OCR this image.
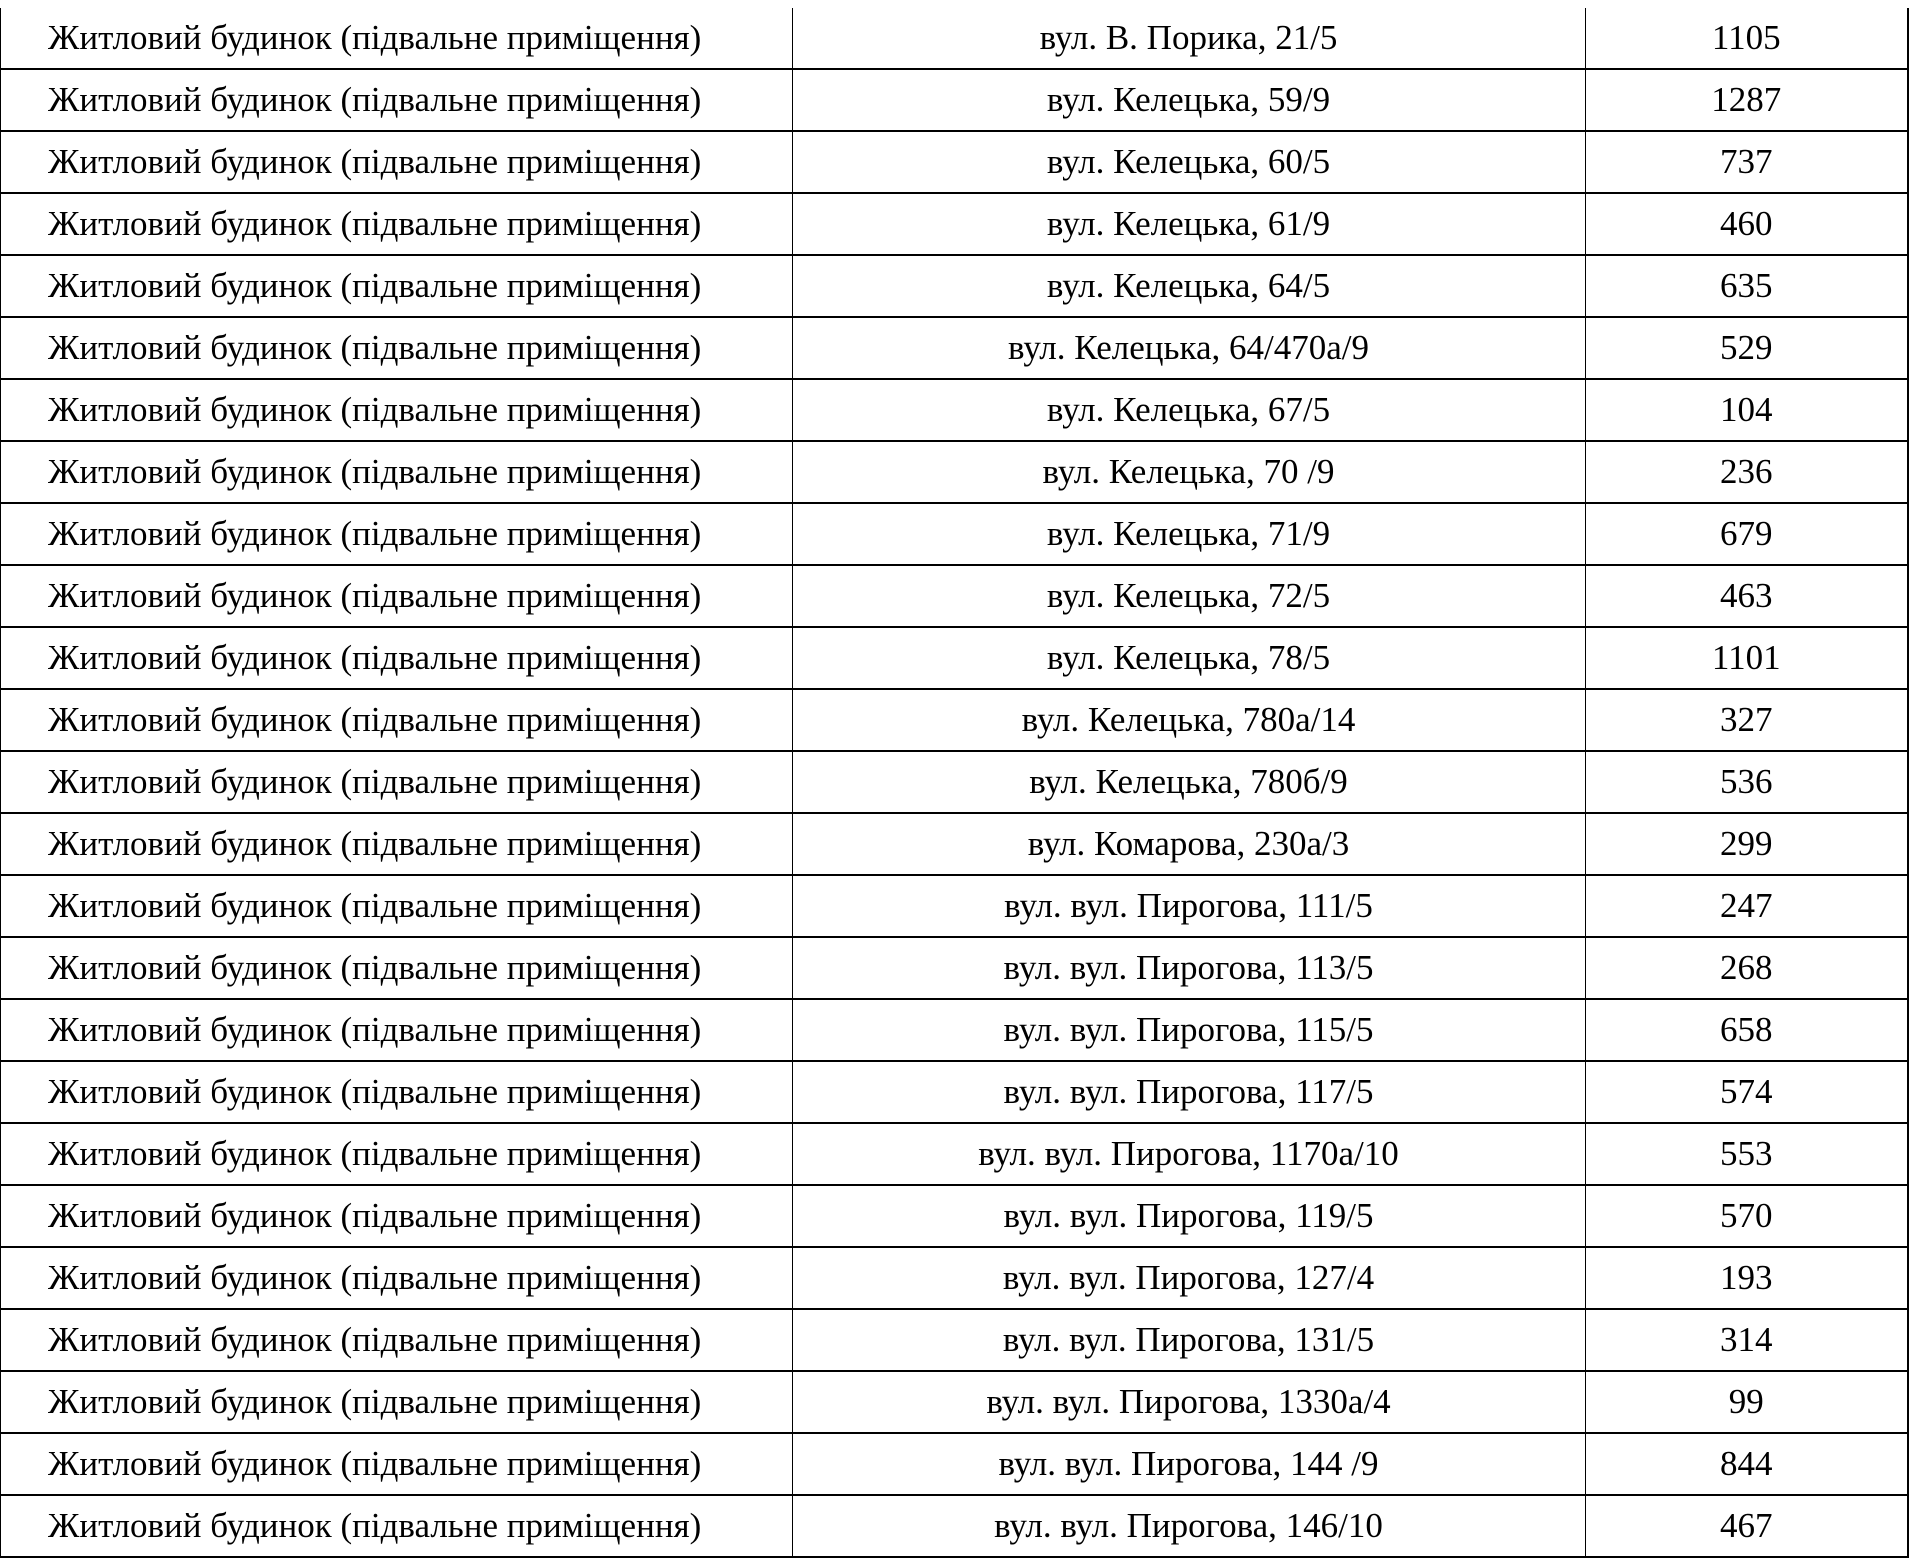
Житловий будинок (підвальне приміщення)	вул. В. Порика, 21/5	1105
Житловий будинок (підвальне приміщення)	вул. Келецька, 59/9	1287
Житловий будинок (підвальне приміщення)	вул. Келецька, 60/5	737
Житловий будинок (підвальне приміщення)	вул. Келецька, 61/9	460
Житловий будинок (підвальне приміщення)	вул. Келецька, 64/5	635
Житловий будинок (підвальне приміщення)	вул. Келецька, 64/470а/9	529
Житловий будинок (підвальне приміщення)	вул. Келецька, 67/5	104
Житловий будинок (підвальне приміщення)	вул. Келецька, 70 /9	236
Житловий будинок (підвальне приміщення)	вул. Келецька, 71/9	679
Житловий будинок (підвальне приміщення)	вул. Келецька, 72/5	463
Житловий будинок (підвальне приміщення)	вул. Келецька, 78/5	1101
Житловий будинок (підвальне приміщення)	вул. Келецька, 780а/14	327
Житловий будинок (підвальне приміщення)	вул. Келецька, 780б/9	536
Житловий будинок (підвальне приміщення)	вул. Комарова, 230а/3	299
Житловий будинок (підвальне приміщення)	вул. вул. Пирогова, 111/5	247
Житловий будинок (підвальне приміщення)	вул. вул. Пирогова, 113/5	268
Житловий будинок (підвальне приміщення)	вул. вул. Пирогова, 115/5	658
Житловий будинок (підвальне приміщення)	вул. вул. Пирогова, 117/5	574
Житловий будинок (підвальне приміщення)	вул. вул. Пирогова, 1170а/10	553
Житловий будинок (підвальне приміщення)	вул. вул. Пирогова, 119/5	570
Житловий будинок (підвальне приміщення)	вул. вул. Пирогова, 127/4	193
Житловий будинок (підвальне приміщення)	вул. вул. Пирогова, 131/5	314
Житловий будинок (підвальне приміщення)	вул. вул. Пирогова, 1330а/4	99
Житловий будинок (підвальне приміщення)	вул. вул. Пирогова, 144 /9	844
Житловий будинок (підвальне приміщення)	вул. вул. Пирогова, 146/10	467
